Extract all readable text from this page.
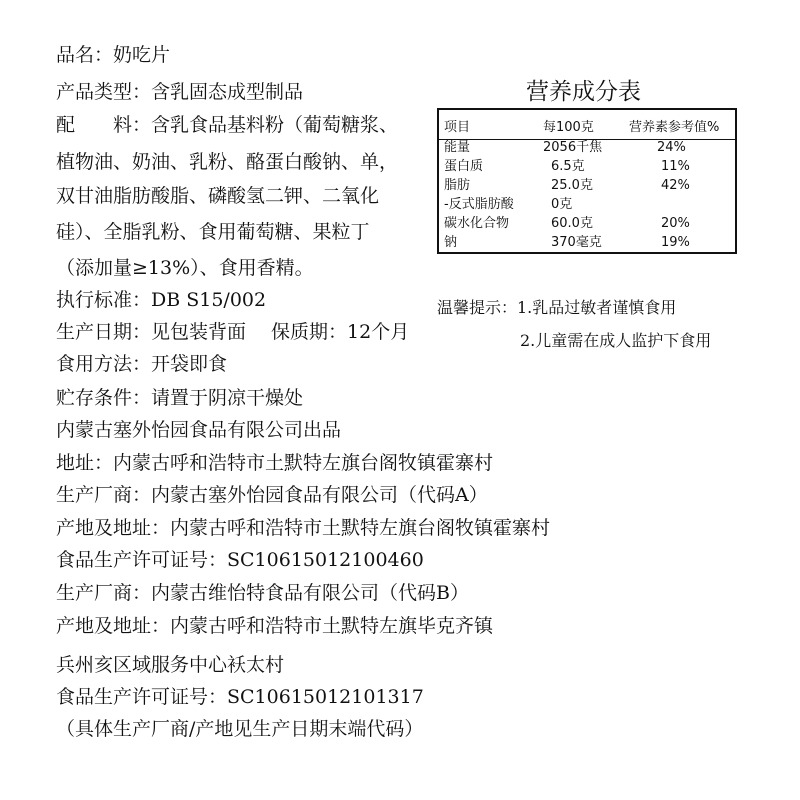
品名：奶吃片
产品类型：含乳固态成型制品
配　　料：含乳食品基料粉（葡萄糖浆、
植物油、奶油、乳粉、酪蛋白酸钠、单，
双甘油脂肪酸脂、磷酸氢二钾、二氧化
硅）、全脂乳粉、食用葡萄糖、果粒丁
（添加量≥13%）、食用香精。
执行标准：DB S15/002
生产日期：见包装背面　 保质期：12个月
食用方法：开袋即食
贮存条件：请置于阴凉干燥处
内蒙古塞外怡园食品有限公司出品
地址：内蒙古呼和浩特市土默特左旗台阁牧镇霍寨村
生产厂商：内蒙古塞外怡园食品有限公司（代码A）
产地及地址：内蒙古呼和浩特市土默特左旗台阁牧镇霍寨村
食品生产许可证号：SC10615012100460
生产厂商：内蒙古维怡特食品有限公司（代码B）
产地及地址：内蒙古呼和浩特市土默特左旗毕克齐镇
兵州亥区域服务中心袄太村
食品生产许可证号：SC10615012101317
（具体生产厂商/产地见生产日期末端代码）
营养成分表
项目	每100克	营养素参考值%
能量	2056千焦	24%
蛋白质	6.5克	11%
脂肪	25.0克	42%
-反式脂肪酸	0克
碳水化合物	60.0克	20%
钠	370毫克	19%
温馨提示：1.乳品过敏者谨慎食用
2.儿童需在成人监护下食用
